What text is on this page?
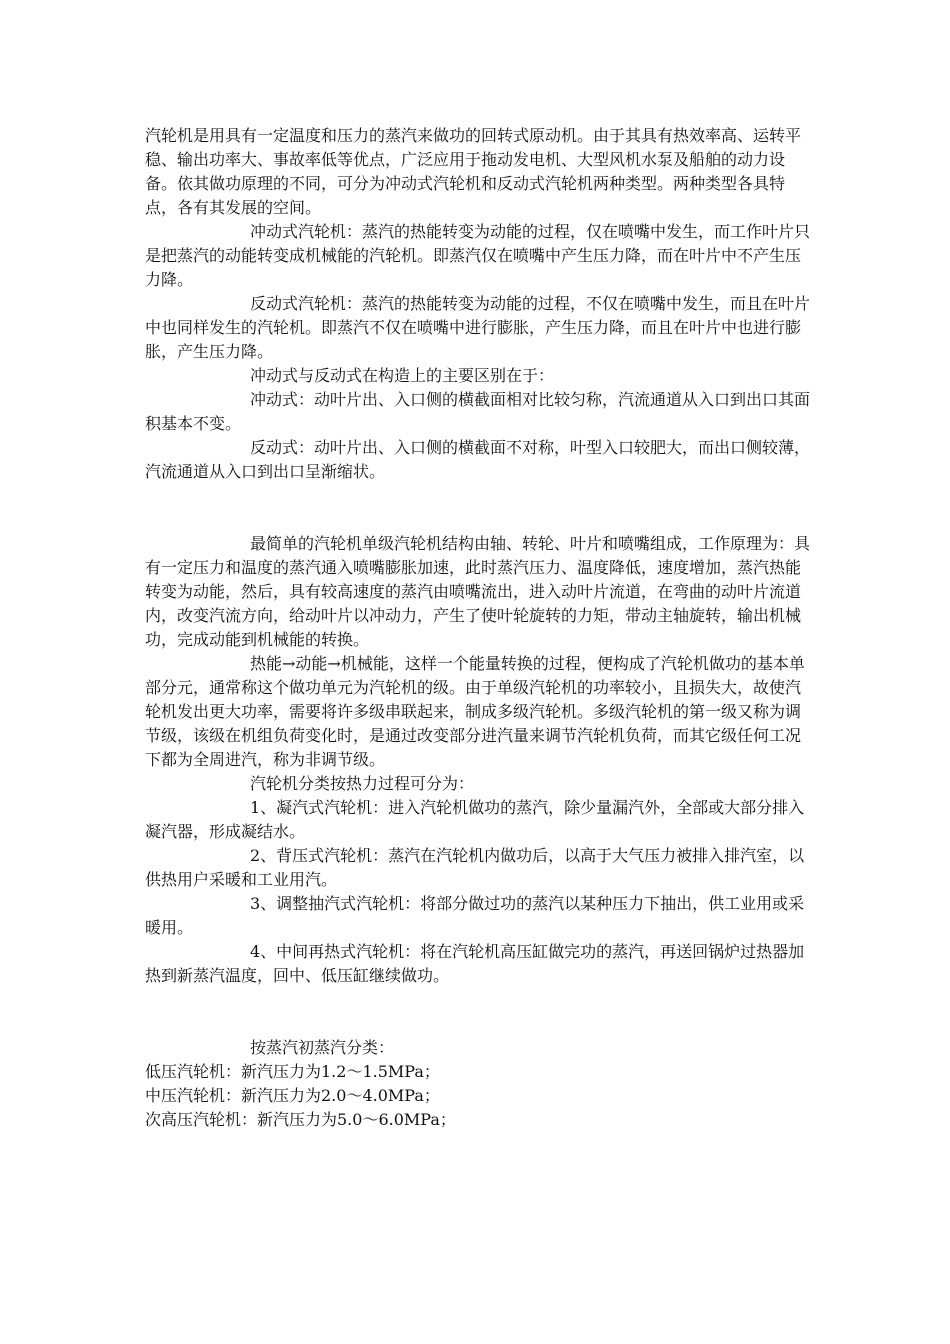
汽轮机是用具有一定温度和压力的蒸汽来做功的回转式原动机。由于其具有热效率高、运转平稳、输出功率大、事故率低等优点，广泛应用于拖动发电机、大型风机水泵及船舶的动力设备。依其做功原理的不同，可分为冲动式汽轮机和反动式汽轮机两种类型。两种类型各具特点，各有其发展的空间。

冲动式汽轮机：蒸汽的热能转变为动能的过程，仅在喷嘴中发生，而工作叶片只是把蒸汽的动能转变成机械能的汽轮机。即蒸汽仅在喷嘴中产生压力降，而在叶片中不产生压力降。

反动式汽轮机：蒸汽的热能转变为动能的过程，不仅在喷嘴中发生，而且在叶片中也同样发生的汽轮机。即蒸汽不仅在喷嘴中进行膨胀，产生压力降，而且在叶片中也进行膨胀，产生压力降。

冲动式与反动式在构造上的主要区别在于：

冲动式：动叶片出、入口侧的横截面相对比较匀称，汽流通道从入口到出口其面积基本不变。

反动式：动叶片出、入口侧的横截面不对称，叶型入口较肥大，而出口侧较薄，汽流通道从入口到出口呈渐缩状。

最简单的汽轮机单级汽轮机结构由轴、转轮、叶片和喷嘴组成，工作原理为：具有一定压力和温度的蒸汽通入喷嘴膨胀加速，此时蒸汽压力、温度降低，速度增加，蒸汽热能转变为动能，然后，具有较高速度的蒸汽由喷嘴流出，进入动叶片流道，在弯曲的动叶片流道内，改变汽流方向，给动叶片以冲动力，产生了使叶轮旋转的力矩，带动主轴旋转，输出机械功，完成动能到机械能的转换。

热能→动能→机械能，这样一个能量转换的过程，便构成了汽轮机做功的基本单部分元，通常称这个做功单元为汽轮机的级。由于单级汽轮机的功率较小，且损失大，故使汽轮机发出更大功率，需要将许多级串联起来，制成多级汽轮机。多级汽轮机的第一级又称为调节级，该级在机组负荷变化时，是通过改变部分进汽量来调节汽轮机负荷，而其它级任何工况下都为全周进汽，称为非调节级。

汽轮机分类按热力过程可分为：

1、凝汽式汽轮机：进入汽轮机做功的蒸汽，除少量漏汽外，全部或大部分排入凝汽器，形成凝结水。

2、背压式汽轮机：蒸汽在汽轮机内做功后，以高于大气压力被排入排汽室，以供热用户采暖和工业用汽。

3、调整抽汽式汽轮机：将部分做过功的蒸汽以某种压力下抽出，供工业用或采暖用。

4、中间再热式汽轮机：将在汽轮机高压缸做完功的蒸汽，再送回锅炉过热器加热到新蒸汽温度，回中、低压缸继续做功。

按蒸汽初蒸汽分类：

低压汽轮机：新汽压力为1.2～1.5MPa；

中压汽轮机：新汽压力为2.0～4.0MPa；

次高压汽轮机：新汽压力为5.0～6.0MPa；
